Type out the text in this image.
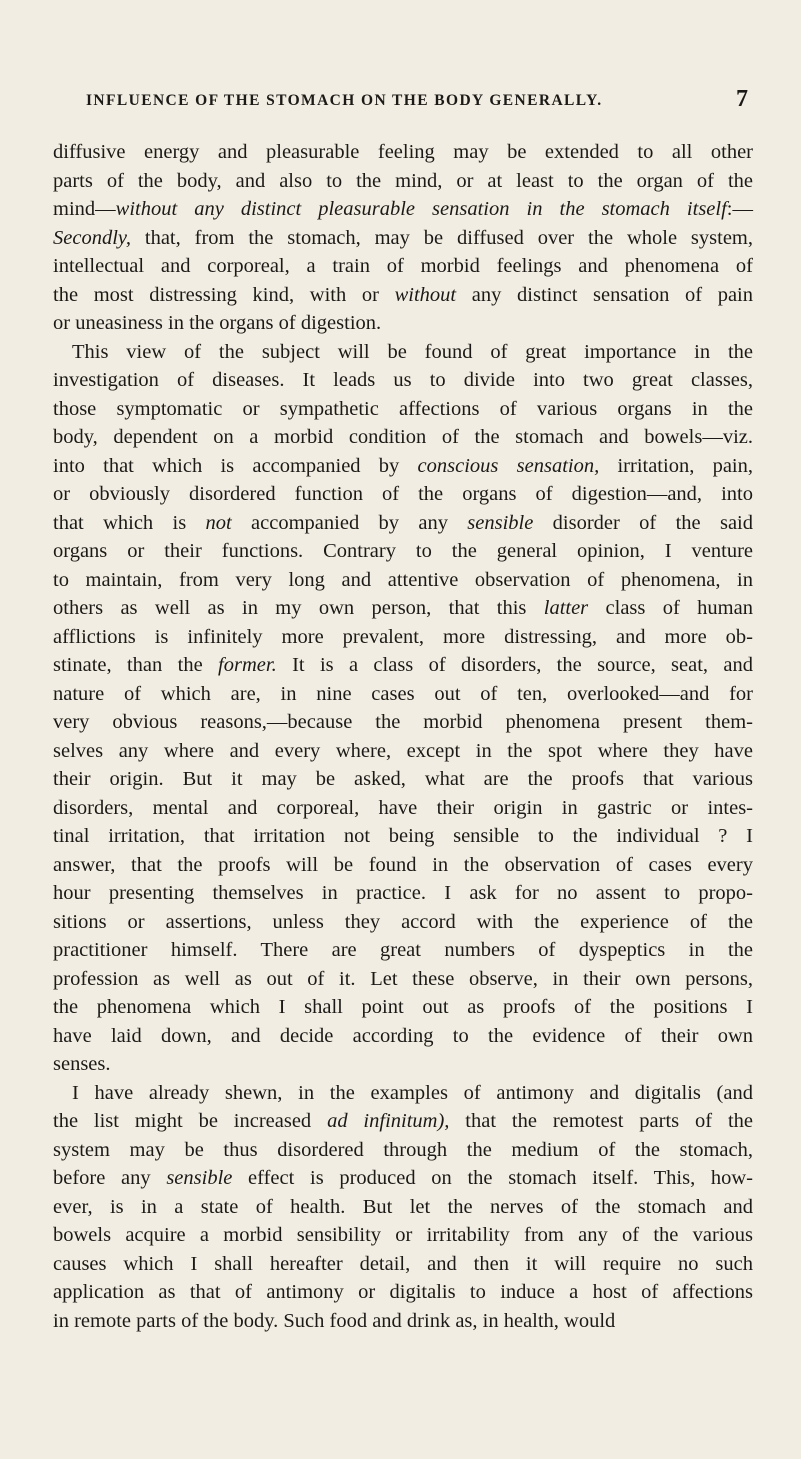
INFLUENCE OF THE STOMACH ON THE BODY GENERALLY.	7
diffusive energy and pleasurable feeling may be extended to all other
parts of the body, and also to the mind, or at least to the organ of the
mind—without any distinct pleasurable sensation in the stomach itself:—
Secondly, that, from the stomach, may be diffused over the whole system,
intellectual and corporeal, a train of morbid feelings and phenomena of
the most distressing kind, with or without any distinct sensation of pain
or uneasiness in the organs of digestion.
This view of the subject will be found of great importance in the
investigation of diseases. It leads us to divide into two great classes,
those symptomatic or sympathetic affections of various organs in the
body, dependent on a morbid condition of the stomach and bowels—viz.
into that which is accompanied by conscious sensation, irritation, pain,
or obviously disordered function of the organs of digestion—and, into
that which is not accompanied by any sensible disorder of the said
organs or their functions. Contrary to the general opinion, I venture
to maintain, from very long and attentive observation of phenomena, in
others as well as in my own person, that this latter class of human
afflictions is infinitely more prevalent, more distressing, and more ob-
stinate, than the former. It is a class of disorders, the source, seat, and
nature of which are, in nine cases out of ten, overlooked—and for
very obvious reasons,—because the morbid phenomena present them-
selves any where and every where, except in the spot where they have
their origin. But it may be asked, what are the proofs that various
disorders, mental and corporeal, have their origin in gastric or intes-
tinal irritation, that irritation not being sensible to the individual ? I
answer, that the proofs will be found in the observation of cases every
hour presenting themselves in practice. I ask for no assent to propo-
sitions or assertions, unless they accord with the experience of the
practitioner himself. There are great numbers of dyspeptics in the
profession as well as out of it. Let these observe, in their own persons,
the phenomena which I shall point out as proofs of the positions I
have laid down, and decide according to the evidence of their own
senses.
I have already shewn, in the examples of antimony and digitalis (and
the list might be increased ad infinitum), that the remotest parts of the
system may be thus disordered through the medium of the stomach,
before any sensible effect is produced on the stomach itself. This, how-
ever, is in a state of health. But let the nerves of the stomach and
bowels acquire a morbid sensibility or irritability from any of the various
causes which I shall hereafter detail, and then it will require no such
application as that of antimony or digitalis to induce a host of affections
in remote parts of the body. Such food and drink as, in health, would
